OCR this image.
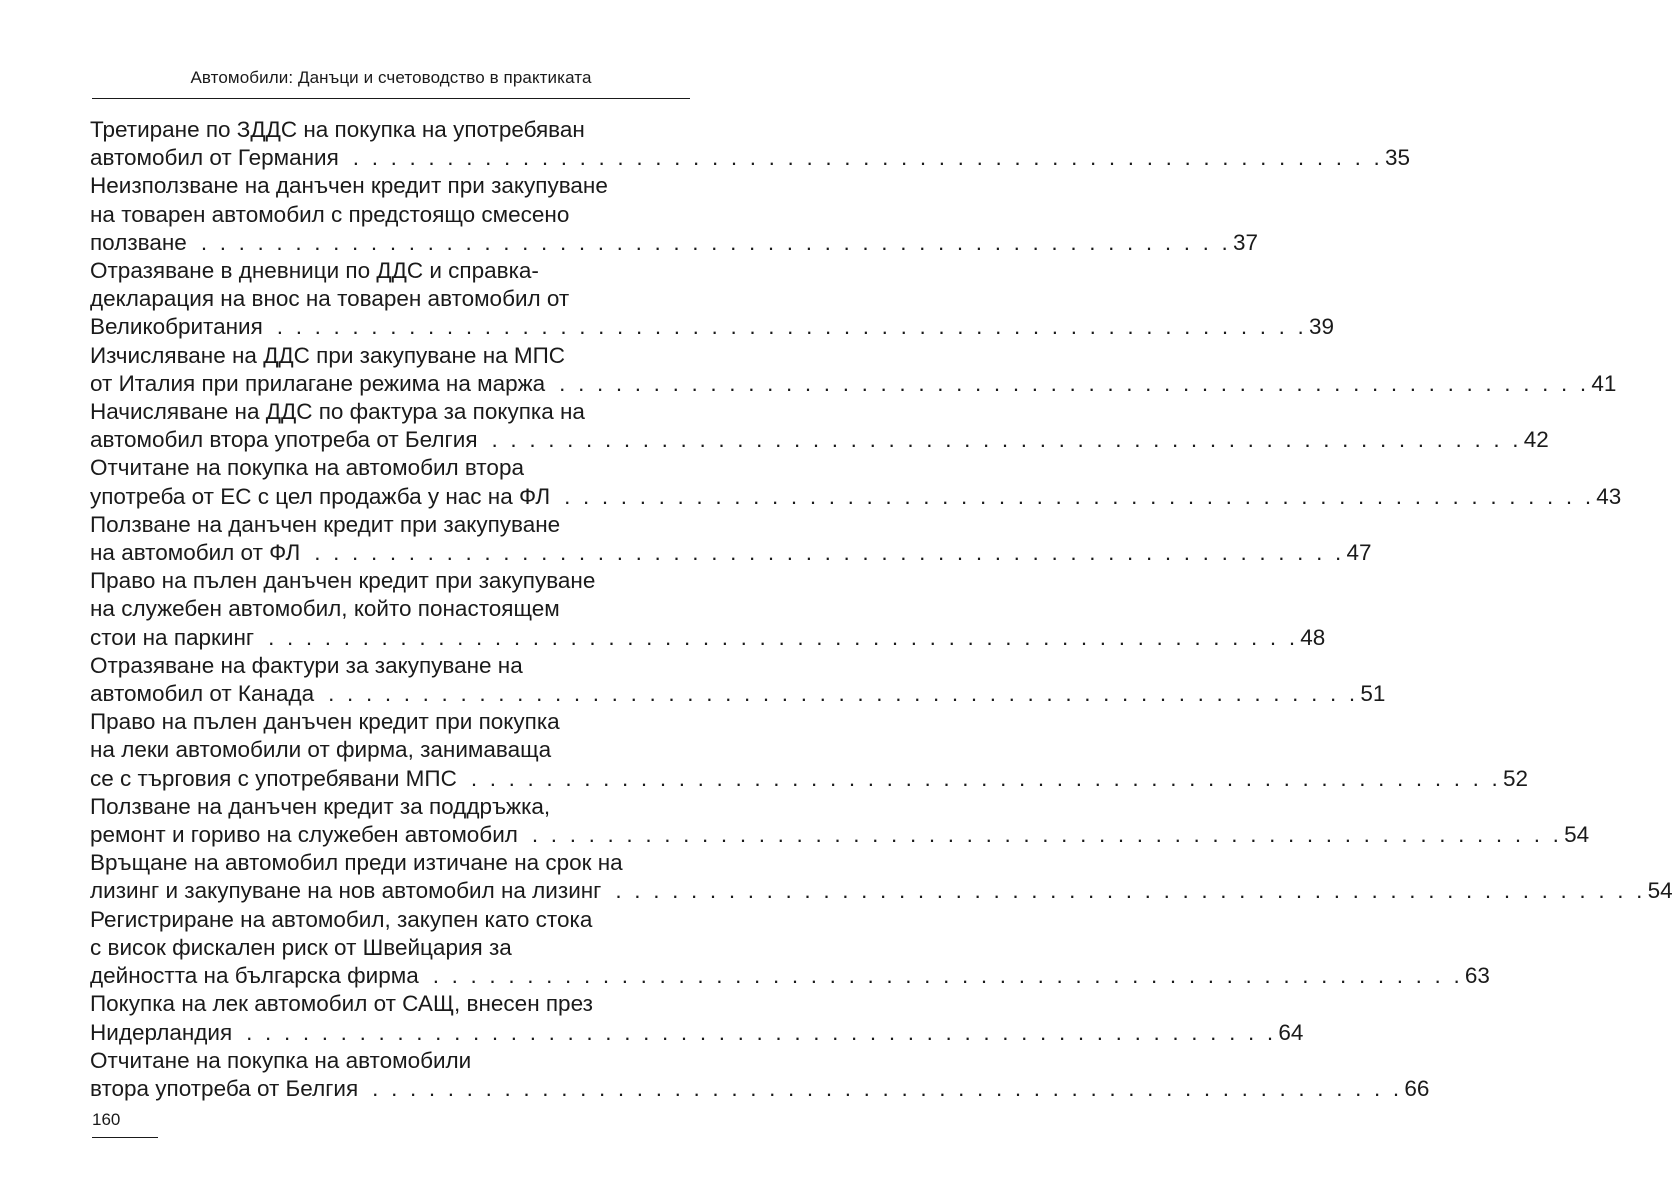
Автомобили: Данъци и счетоводство в практиката
Третиране по ЗДДС на покупка на употребяван
автомобил от Германия . . . . . . . . . . . . . . . . . . . . . . . . . . . . . . . . . . . . . . . . . . . . . . . . . . . . . . . 35
Неизползване на данъчен кредит при закупуване
на товарен автомобил с предстоящо смесено
ползване . . . . . . . . . . . . . . . . . . . . . . . . . . . . . . . . . . . . . . . . . . . . . . . . . . . . . . . 37
Отразяване в дневници по ДДС и справка-
декларация на внос на товарен автомобил от
Великобритания . . . . . . . . . . . . . . . . . . . . . . . . . . . . . . . . . . . . . . . . . . . . . . . . . . . . . . . 39
Изчисляване на ДДС при закупуване на МПС
от Италия при прилагане режима на маржа . . . . . . . . . . . . . . . . . . . . . . . . . . . . . . . . . . . . . . . . . . . . . . . . . . . . . . . 41
Начисляване на ДДС по фактура за покупка на
автомобил втора употреба от Белгия . . . . . . . . . . . . . . . . . . . . . . . . . . . . . . . . . . . . . . . . . . . . . . . . . . . . . . . 42
Отчитане на покупка на автомобил втора
употреба от ЕС с цел продажба у нас на ФЛ . . . . . . . . . . . . . . . . . . . . . . . . . . . . . . . . . . . . . . . . . . . . . . . . . . . . . . . 43
Ползване на данъчен кредит при закупуване
на автомобил от ФЛ . . . . . . . . . . . . . . . . . . . . . . . . . . . . . . . . . . . . . . . . . . . . . . . . . . . . . . . 47
Право на пълен данъчен кредит при закупуване
на служебен автомобил, който понастоящем
стои на паркинг . . . . . . . . . . . . . . . . . . . . . . . . . . . . . . . . . . . . . . . . . . . . . . . . . . . . . . . 48
Отразяване на фактури за закупуване на
автомобил от Канада . . . . . . . . . . . . . . . . . . . . . . . . . . . . . . . . . . . . . . . . . . . . . . . . . . . . . . . 51
Право на пълен данъчен кредит при покупка
на леки автомобили от фирма, занимаваща
се с търговия с употребявани МПС . . . . . . . . . . . . . . . . . . . . . . . . . . . . . . . . . . . . . . . . . . . . . . . . . . . . . . . 52
Ползване на данъчен кредит за поддръжка,
ремонт и гориво на служебен автомобил . . . . . . . . . . . . . . . . . . . . . . . . . . . . . . . . . . . . . . . . . . . . . . . . . . . . . . . 54
Връщане на автомобил преди изтичане на срок на
лизинг и закупуване на нов автомобил на лизинг . . . . . . . . . . . . . . . . . . . . . . . . . . . . . . . . . . . . . . . . . . . . . . . . . . . . . . . 54
Регистриране на автомобил, закупен като стока
с висок фискален риск от Швейцария за
дейността на българска фирма . . . . . . . . . . . . . . . . . . . . . . . . . . . . . . . . . . . . . . . . . . . . . . . . . . . . . . . 63
Покупка на лек автомобил от САЩ, внесен през
Нидерландия . . . . . . . . . . . . . . . . . . . . . . . . . . . . . . . . . . . . . . . . . . . . . . . . . . . . . . . 64
Отчитане на покупка на автомобили
втора употреба от Белгия . . . . . . . . . . . . . . . . . . . . . . . . . . . . . . . . . . . . . . . . . . . . . . . . . . . . . . . 66
160
